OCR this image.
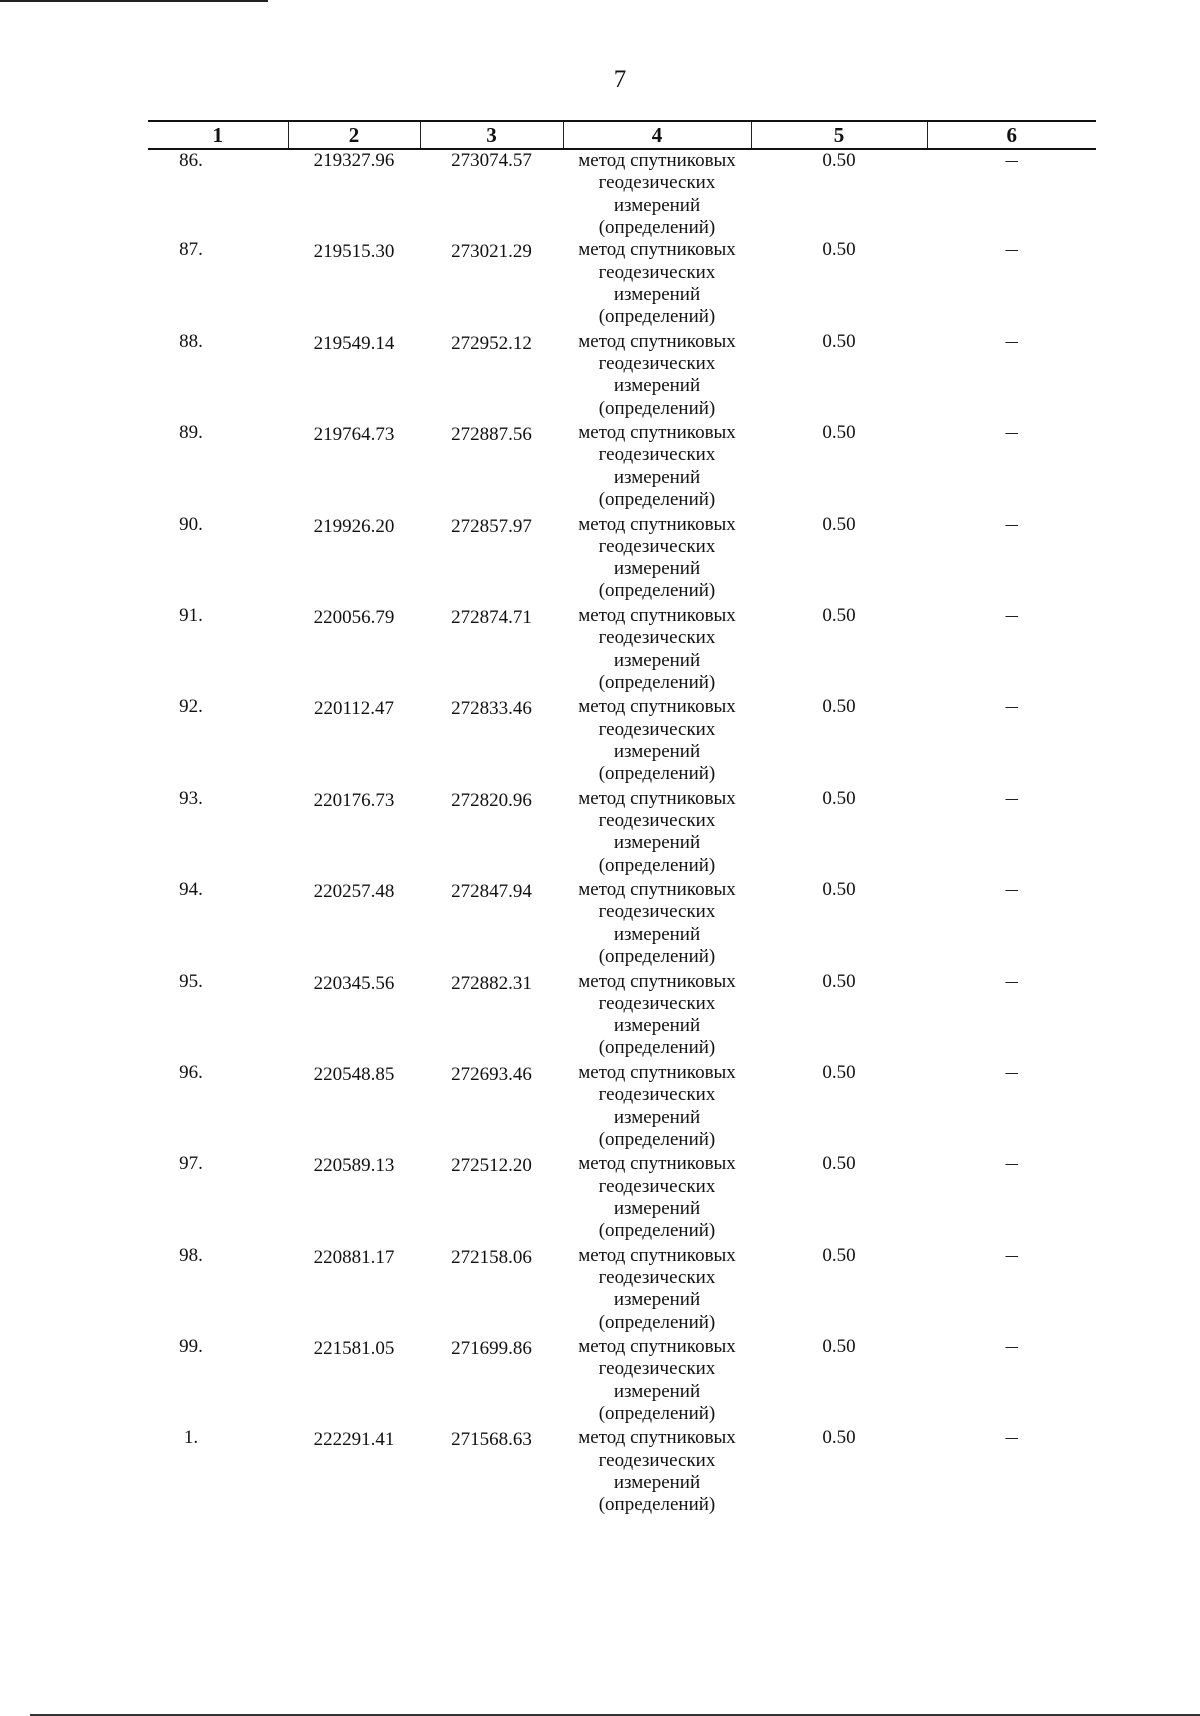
7
1	2	3	4	5	6
86.	219327.96	273074.57	метод спутниковых
геодезических
измерений
(определений)	0.50	–
87.	219515.30	273021.29	метод спутниковых
геодезических
измерений
(определений)	0.50	–
88.	219549.14	272952.12	метод спутниковых
геодезических
измерений
(определений)	0.50	–
89.	219764.73	272887.56	метод спутниковых
геодезических
измерений
(определений)	0.50	–
90.	219926.20	272857.97	метод спутниковых
геодезических
измерений
(определений)	0.50	–
91.	220056.79	272874.71	метод спутниковых
геодезических
измерений
(определений)	0.50	–
92.	220112.47	272833.46	метод спутниковых
геодезических
измерений
(определений)	0.50	–
93.	220176.73	272820.96	метод спутниковых
геодезических
измерений
(определений)	0.50	–
94.	220257.48	272847.94	метод спутниковых
геодезических
измерений
(определений)	0.50	–
95.	220345.56	272882.31	метод спутниковых
геодезических
измерений
(определений)	0.50	–
96.	220548.85	272693.46	метод спутниковых
геодезических
измерений
(определений)	0.50	–
97.	220589.13	272512.20	метод спутниковых
геодезических
измерений
(определений)	0.50	–
98.	220881.17	272158.06	метод спутниковых
геодезических
измерений
(определений)	0.50	–
99.	221581.05	271699.86	метод спутниковых
геодезических
измерений
(определений)	0.50	–
1.	222291.41	271568.63	метод спутниковых
геодезических
измерений
(определений)	0.50	–
